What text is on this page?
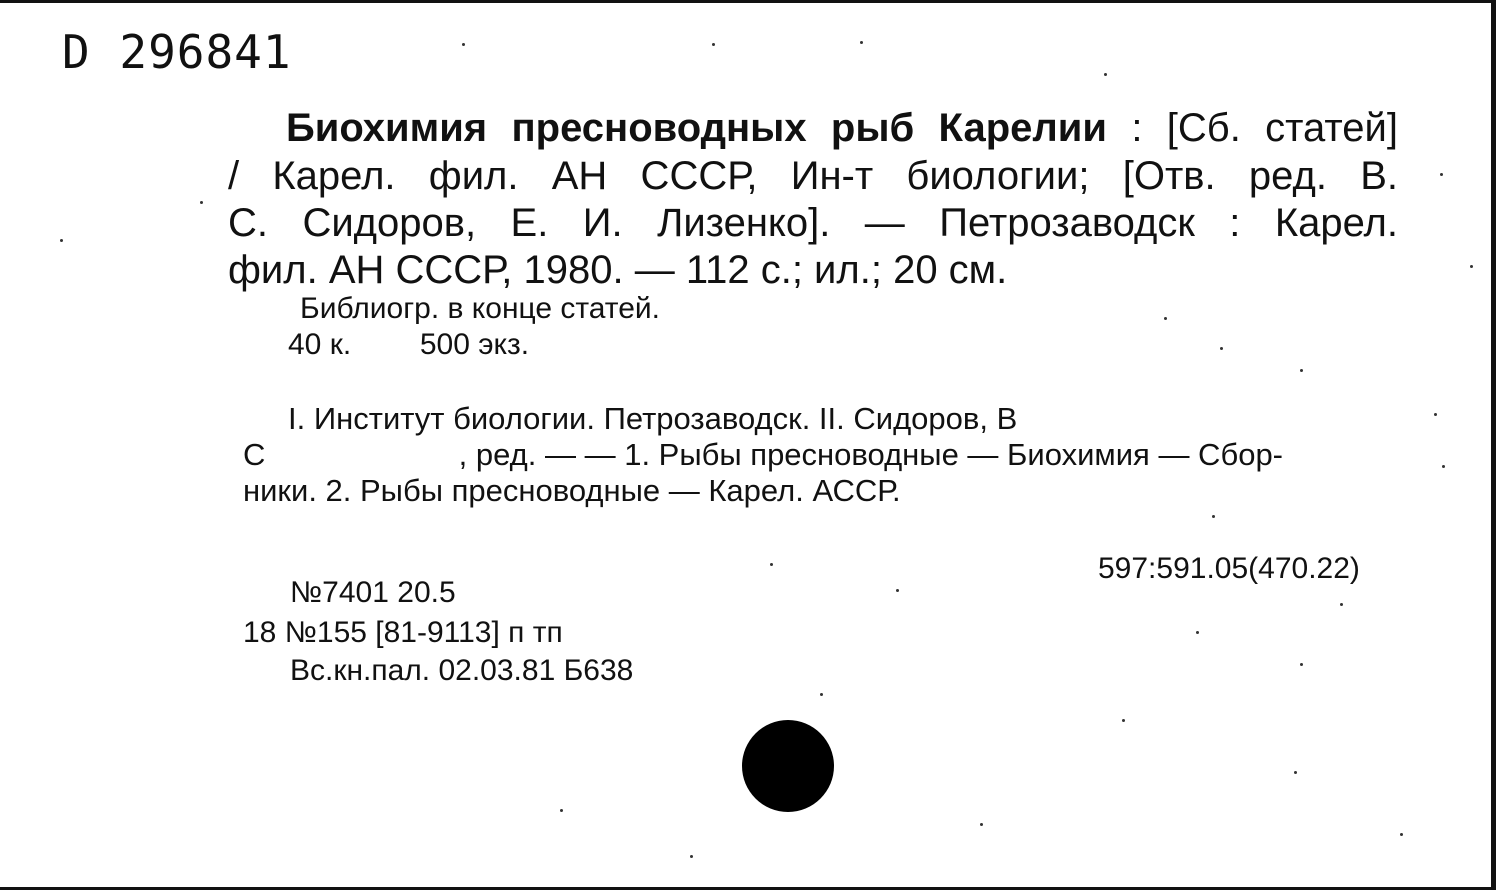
D 296841
Биохимия пресноводных рыб Карелии : [Сб. статей]
/ Карел. фил. АН СССР, Ин-т биологии; [Отв. ред. В.
С. Сидоров, Е. И. Лизенко]. — Петрозаводск : Карел.
фил. АН СССР, 1980. — 112 с.; ил.; 20 см.
Библиогр. в конце статей.
40 к. 500 экз.
I. Институт биологии. Петрозаводск. II. Сидоров, В
С	, ред. — — 1. Рыбы пресноводные — Биохимия — Сбор-
ники. 2. Рыбы пресноводные — Карел. АССР.
597:591.05(470.22)
№7401 20.5
18 №155 [81-9113] п тп
Вс.кн.пал. 02.03.81 Б638
